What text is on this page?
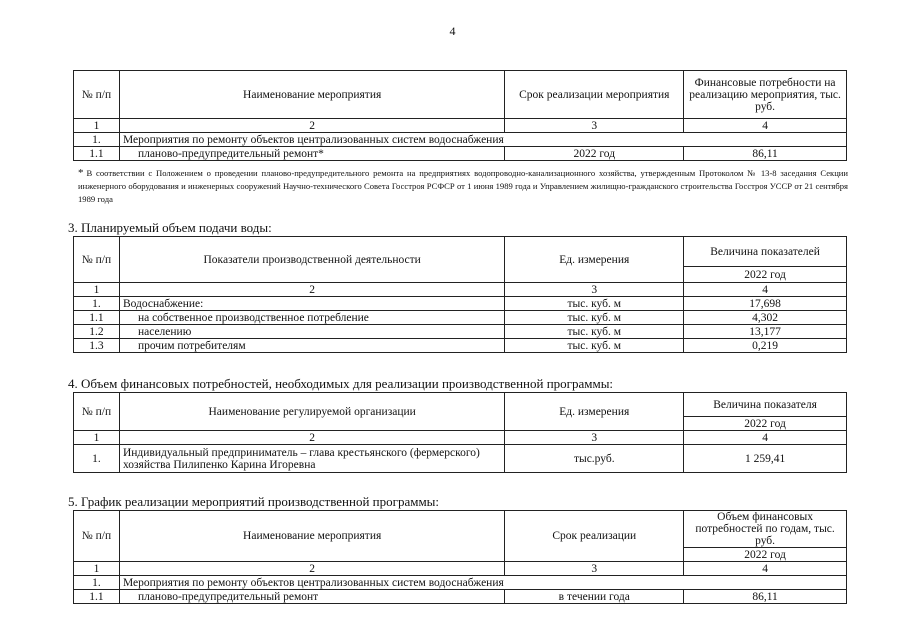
4
№ п/п	Наименование мероприятия	Срок реализации мероприятия	Финансовые потребности на реализацию мероприятия, тыс. руб.
1	2	3	4
1.	Мероприятия по ремонту объектов централизованных систем водоснабжения		
1.1	планово-предупредительный ремонт*	2022 год	86,11
* В соответствии с Положением о проведении планово-предупредительного ремонта на предприятиях водопроводно-канализационного хозяйства, утвержденным Протоколом № 13-8 заседания Секции инженерного оборудования и инженерных сооружений Научно-технического Совета Госстроя РСФСР от 1 июня 1989 года и Управлением жилищно-гражданского строительства Госстроя УССР от 21 сентября 1989 года
3. Планируемый объем подачи воды:
№ п/п	Показатели производственной деятельности	Ед. измерения	Величина показателей
			2022 год
1	2	3	4
1.	Водоснабжение:	тыс. куб. м	17,698
1.1	на собственное производственное потребление	тыс. куб. м	4,302
1.2	населению	тыс. куб. м	13,177
1.3	прочим потребителям	тыс. куб. м	0,219
4. Объем финансовых потребностей, необходимых для реализации производственной программы:
№ п/п	Наименование регулируемой организации	Ед. измерения	Величина показателя
			2022 год
1	2	3	4
1.	Индивидуальный предприниматель – глава крестьянского (фермерского) хозяйства Пилипенко Карина Игоревна	тыс.руб.	1 259,41
5. График реализации мероприятий производственной программы:
№ п/п	Наименование мероприятия	Срок реализации	Объем финансовых потребностей по годам, тыс. руб.
			2022 год
1	2	3	4
1.	Мероприятия по ремонту объектов централизованных систем водоснабжения		
1.1	планово-предупредительный ремонт	в течении года	86,11
